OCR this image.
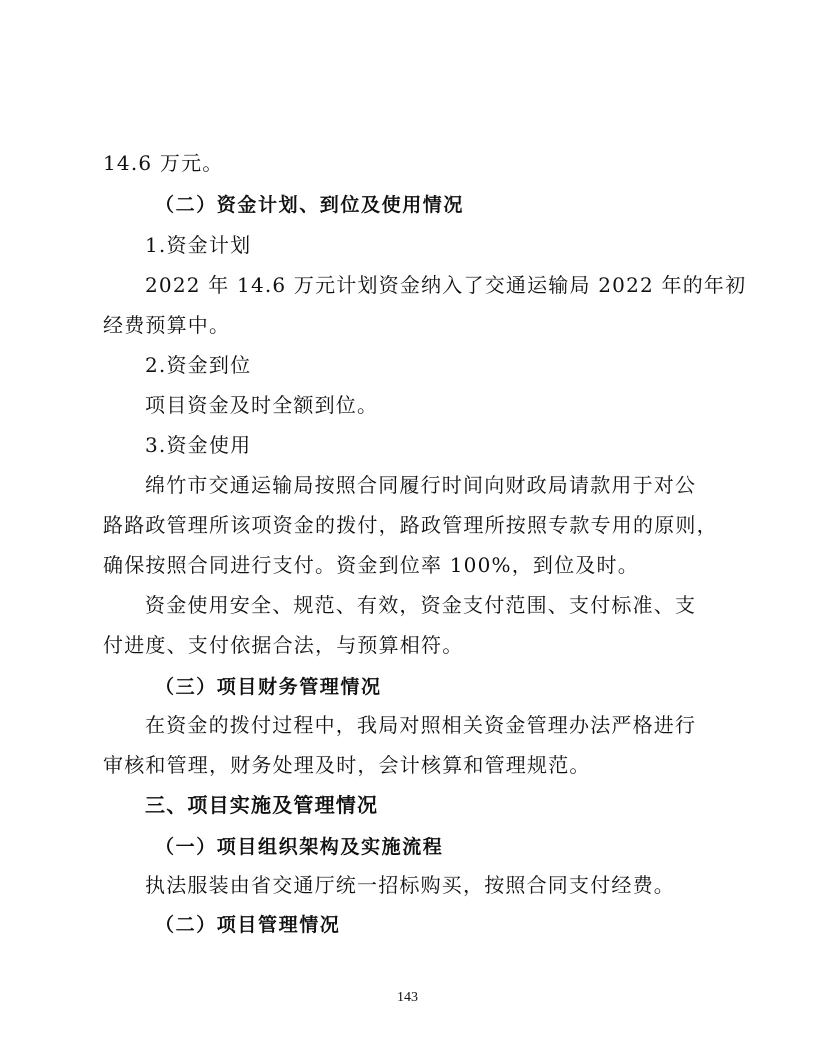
14.6 万元。
（二）资金计划、到位及使用情况
1.资金计划
2022 年 14.6 万元计划资金纳入了交通运输局 2022 年的年初
经费预算中。
2.资金到位
项目资金及时全额到位。
3.资金使用
绵竹市交通运输局按照合同履行时间向财政局请款用于对公
路路政管理所该项资金的拨付，路政管理所按照专款专用的原则，
确保按照合同进行支付。资金到位率 100%，到位及时。
资金使用安全、规范、有效，资金支付范围、支付标准、支
付进度、支付依据合法，与预算相符。
（三）项目财务管理情况
在资金的拨付过程中，我局对照相关资金管理办法严格进行
审核和管理，财务处理及时，会计核算和管理规范。
三、项目实施及管理情况
（一）项目组织架构及实施流程
执法服装由省交通厅统一招标购买，按照合同支付经费。
（二）项目管理情况
143
